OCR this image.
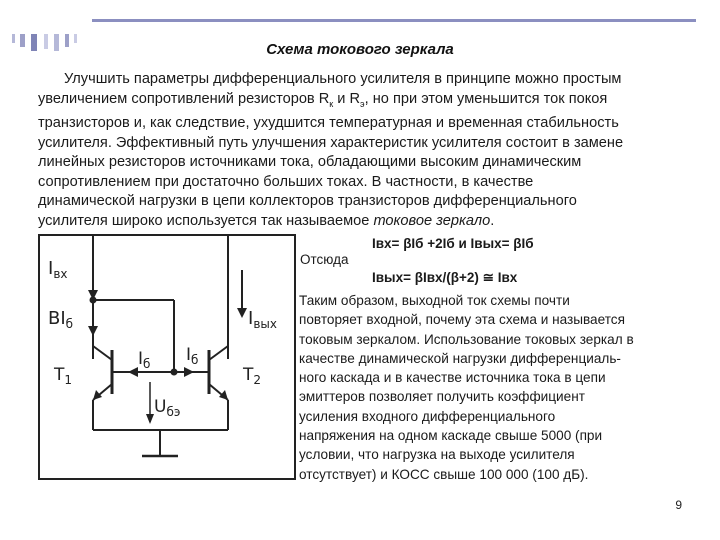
Схема токового зеркала
Улучшить параметры дифференциального усилителя в принципе можно простым
увеличением сопротивлений резисторов $R_к$ и $R_э$, но при этом уменьшится ток покоя
транзисторов и, как следствие, ухудшится температурная и временная стабильность
усилителя. Эффективный путь улучшения характеристик усилителя состоит в замене
линейных резисторов источниками тока, обладающими высоким динамическим
сопротивлением при достаточно больших токах. В частности, в качестве
динамической нагрузки в цепи коллекторов транзисторов дифференциального
усилителя широко используется так называемое токовое зеркало.
$I_{вх}$
$BI_б$	$I_{вых}$
$I_б$ $I_б$
$T_1$	$T_2$
$U_{бэ}$
Iвх= βIб +2Iб и Iвых= βIб
Отсюда
Iвых= βIвх/(β+2) ≅ Iвх
Таким образом, выходной ток схемы почти
повторяет входной, почему эта схема и называется
токовым зеркалом. Использование токовых зеркал в
качестве динамической нагрузки дифференциаль-
ного каскада и в качестве источника тока в цепи
эмиттеров позволяет получить коэффициент
усиления входного дифференциального
напряжения на одном каскаде свыше 5000 (при
условии, что нагрузка на выходе усилителя
отсутствует) и КОСС свыше 100 000 (100 дБ).
9
